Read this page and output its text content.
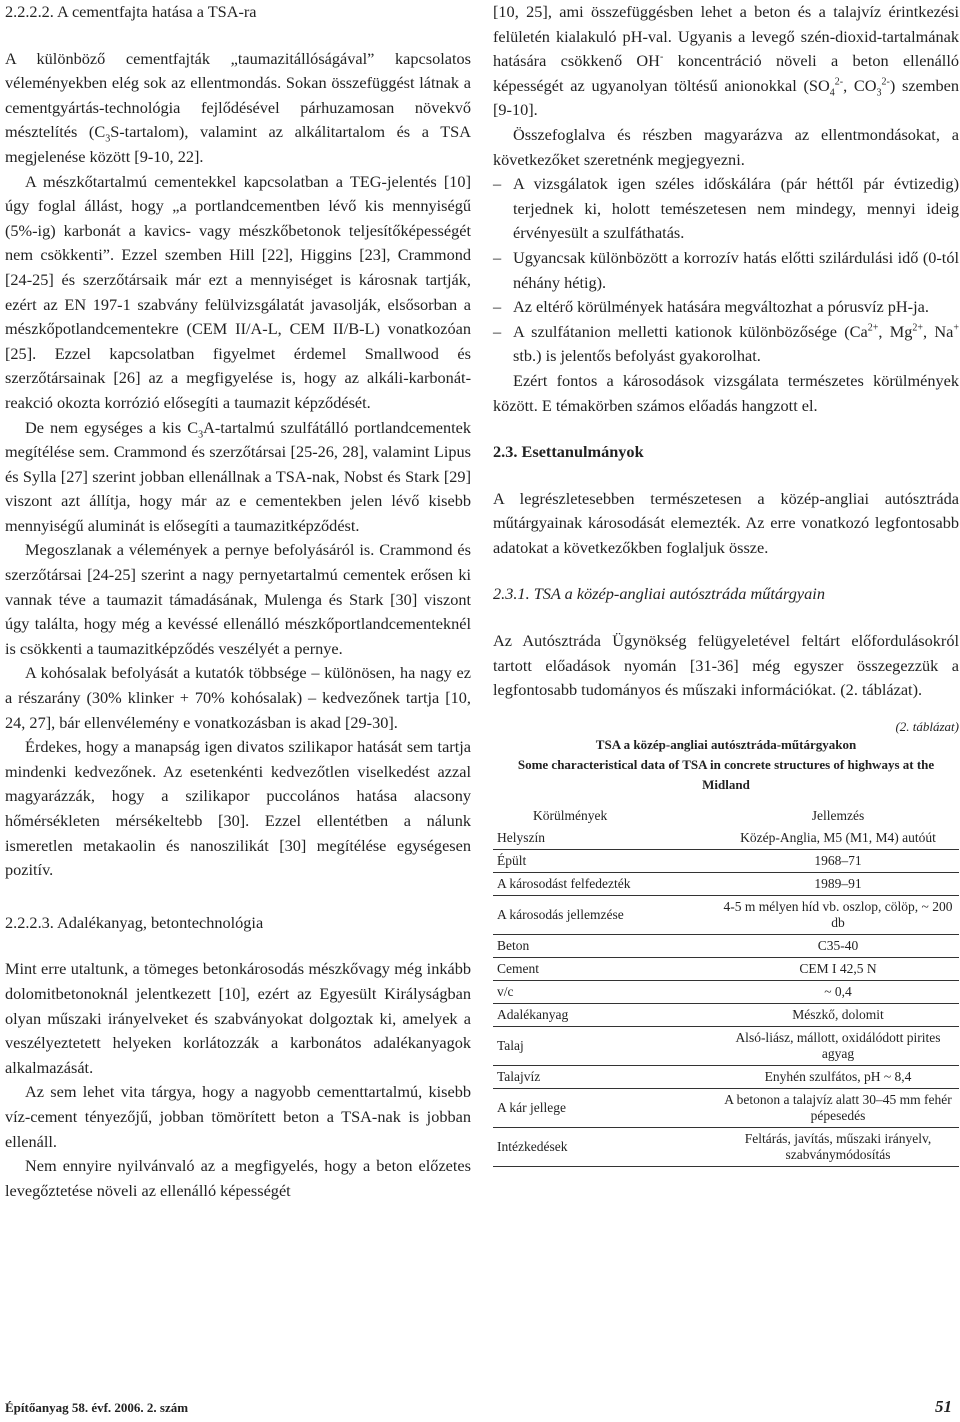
2.2.2.2. A cementfajta hatása a TSA-ra

A különböző cementfajták „taumazitállóságával” kapcsolatos véleményekben elég sok az ellentmondás. Sokan összefüggést látnak a cementgyártás-technológia fejlődésével párhuzamosan növekvő mésztelítés $(C_3S-tartalom)$, valamint az alkálitartalom és a TSA megjelenése között [9-10, 22].

A mészkőtartalmú cementekkel kapcsolatban a TEG-jelentés [10] úgy foglal állást, hogy „a portlandcementben lévő kis mennyiségű (5%-ig) karbonát a kavics- vagy mészkőbetonok teljesítőképességét nem csökkenti”. Ezzel szemben Hill [22], Higgins [23], Crammond [24-25] és szerzőtársaik már ezt a mennyiséget is károsnak tartják, ezért az EN 197-1 szabvány felülvizsgálatát javasolják, elsősorban a mészkőpotlandcementekre (CEM II/A-L, CEM II/B-L) vonatkozóan [25]. Ezzel kapcsolatban figyelmet érdemel Smallwood és szerzőtársainak [26] az a megfigyelése is, hogy az alkáli-karbonát-reakció okozta korrózió elősegíti a taumazit képződését.

De nem egységes a kis $C_3A$-tartalmú szulfátálló portlandcementek megítélése sem. Crammond és szerzőtársai [25-26, 28], valamint Lipus és Sylla [27] szerint jobban ellenállnak a TSA-nak, Nobst és Stark [29] viszont azt állítja, hogy már az e cementekben jelen lévő kisebb mennyiségű aluminát is elősegíti a taumazitképződést.

Megoszlanak a vélemények a pernye befolyásáról is. Crammond és szerzőtársai [24-25] szerint a nagy pernyetartalmú cementek erősen ki vannak téve a taumazit támadásának, Mulenga és Stark [30] viszont úgy találta, hogy még a kevéssé ellenálló mészkőportlandcementeknél is csökkenti a taumazitképződés veszélyét a pernye.

A kohósalak befolyását a kutatók többsége – különösen, ha nagy ez a részarány (30% klinker + 70% kohósalak) – kedvezőnek tartja [10, 24, 27], bár ellenvélemény e vonatkozásban is akad [29-30].

Érdekes, hogy a manapság igen divatos szilikapor hatását sem tartja mindenki kedvezőnek. Az esetenkénti kedvezőtlen viselkedést azzal magyarázzák, hogy a szilikapor puccolános hatása alacsony hőmérsékleten mérsékeltebb [30]. Ezzel ellentétben a nálunk ismeretlen metakaolin és nanoszilikát [30] megítélése egységesen pozitív.

2.2.2.3. Adalékanyag, betontechnológia

Mint erre utaltunk, a tömeges betonkárosodás mészkővagy még inkább dolomitbetonoknál jelentkezett [10], ezért az Egyesült Királyságban olyan műszaki irányelveket és szabványokat dolgoztak ki, amelyek a veszélyeztetett helyeken korlátozzák a karbonátos adalékanyagok alkalmazását.

Az sem lehet vita tárgya, hogy a nagyobb cementtartalmú, kisebb víz-cement tényezőjű, jobban tömörített beton a TSA-nak is jobban ellenáll.

Nem ennyire nyilvánvaló az a megfigyelés, hogy a beton előzetes levegőztetése növeli az ellenálló képességét

[10, 25], ami összefüggésben lehet a beton és a talajvíz érintkezési felületén kialakuló pH-val. Ugyanis a levegő szén-dioxid-tartalmának hatására csökkenő OH- koncentráció növeli a beton ellenálló képességét az ugyanolyan töltésű anionokkal ($SO_4^{2-}$, $CO_3^{2-}$) szemben [9-10].

Összefoglalva és részben magyarázva az ellentmondásokat, a következőket szeretnénk megjegyezni.

– A vizsgálatok igen széles időskálára (pár héttől pár évtizedig) terjednek ki, holott temészetesen nem mindegy, mennyi ideig érvényesült a szulfáthatás.
– Ugyancsak különbözött a korrozív hatás előtti szilárdulási idő (0-tól néhány hétig).
– Az eltérő körülmények hatására megváltozhat a pórusvíz pH-ja.
– A szulfátanion melletti kationok különbözősége ($Ca^{2+}$, $Mg^{2+}$, Na+ stb.) is jelentős befolyást gyakorolhat.

Ezért fontos a károsodások vizsgálata természetes körülmények között. E témakörben számos előadás hangzott el.

2.3. Esettanulmányok

A legrészletesebben természetesen a közép-angliai autósztráda műtárgyainak károsodását elemezték. Az erre vonatkozó legfontosabb adatokat a következőkben foglaljuk össze.

2.3.1. TSA a közép-angliai autósztráda műtárgyain

Az Autósztráda Ügynökség felügyeletével feltárt előfordulásokról tartott előadások nyomán [31-36] még egyszer összegezzük a legfontosabb tudományos és műszaki információkat. (2. táblázat).

(2. táblázat)
TSA a közép-angliai autósztráda-műtárgyakon
Some characteristical data of TSA in concrete structures of highways at the Midland
Körülmények	Jellemzés
Helyszín	Közép-Anglia, M5 (M1, M4) autóút
Épült	1968–71
A károsodást felfedezték	1989–91
A károsodás jellemzése	4-5 m mélyen híd vb. oszlop, cölöp, ~ 200 db
Beton	C35-40
Cement	CEM I 42,5 N
v/c	~ 0,4
Adalékanyag	Mészkő, dolomit
Talaj	Alsó-liász, mállott, oxidálódott pirites agyag
Talajvíz	Enyhén szulfátos, pH ~ 8,4
A kár jellege	A betonon a talajvíz alatt 30–45 mm fehér pépesedés
Intézkedések	Feltárás, javítás, műszaki irányelv, szabványmódosítás
Építőanyag 58. évf. 2006. 2. szám	51
